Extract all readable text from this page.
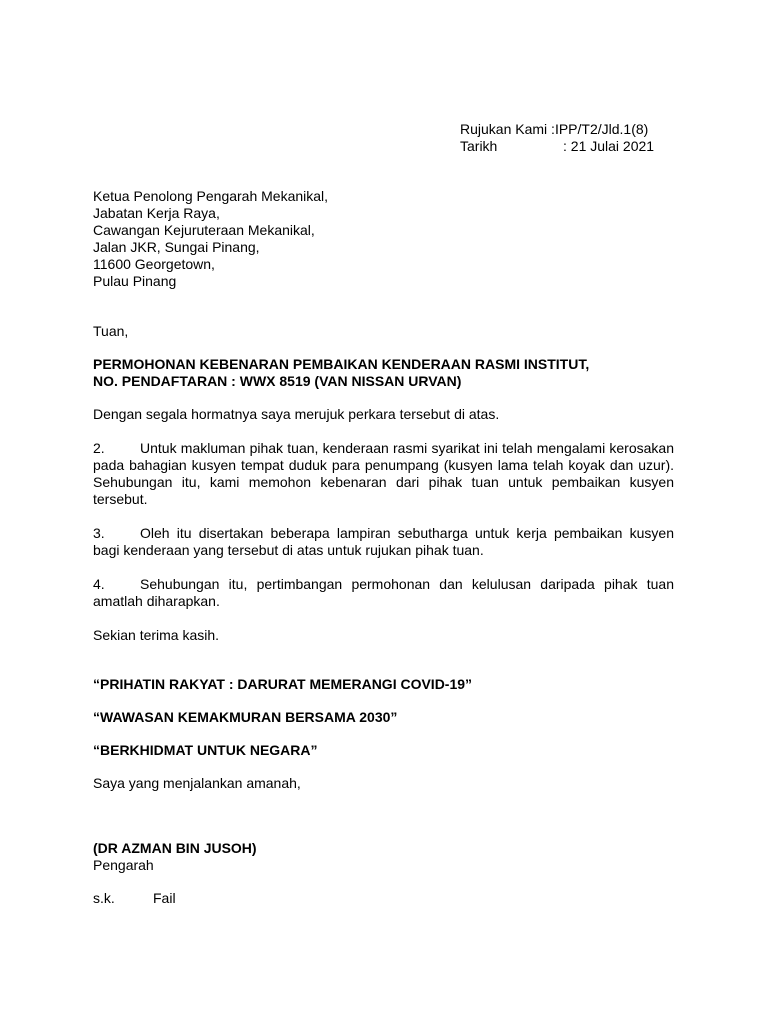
Rujukan Kami :IPP/T2/Jld.1(8)
Tarikh	: 21 Julai 2021
Ketua Penolong Pengarah Mekanikal,
Jabatan Kerja Raya,
Cawangan Kejuruteraan Mekanikal,
Jalan JKR, Sungai Pinang,
11600 Georgetown,
Pulau Pinang
Tuan,
PERMOHONAN KEBENARAN PEMBAIKAN KENDERAAN RASMI INSTITUT,
NO. PENDAFTARAN : WWX 8519 (VAN NISSAN URVAN)

Dengan segala hormatnya saya merujuk perkara tersebut di atas.

2.	Untuk makluman pihak tuan, kenderaan rasmi syarikat ini telah mengalami kerosakan pada bahagian kusyen tempat duduk para penumpang (kusyen lama telah koyak dan uzur). Sehubungan itu, kami memohon kebenaran dari pihak tuan untuk pembaikan kusyen tersebut.

3.	Oleh itu disertakan beberapa lampiran sebutharga untuk kerja pembaikan kusyen bagi kenderaan yang tersebut di atas untuk rujukan pihak tuan.

4.	Sehubungan itu, pertimbangan permohonan dan kelulusan daripada pihak tuan amatlah diharapkan.

Sekian terima kasih.
“PRIHATIN RAKYAT : DARURAT MEMERANGI COVID-19”
“WAWASAN KEMAKMURAN BERSAMA 2030”
“BERKHIDMAT UNTUK NEGARA”
Saya yang menjalankan amanah,
(DR AZMAN BIN JUSOH)
Pengarah
s.k.	Fail
